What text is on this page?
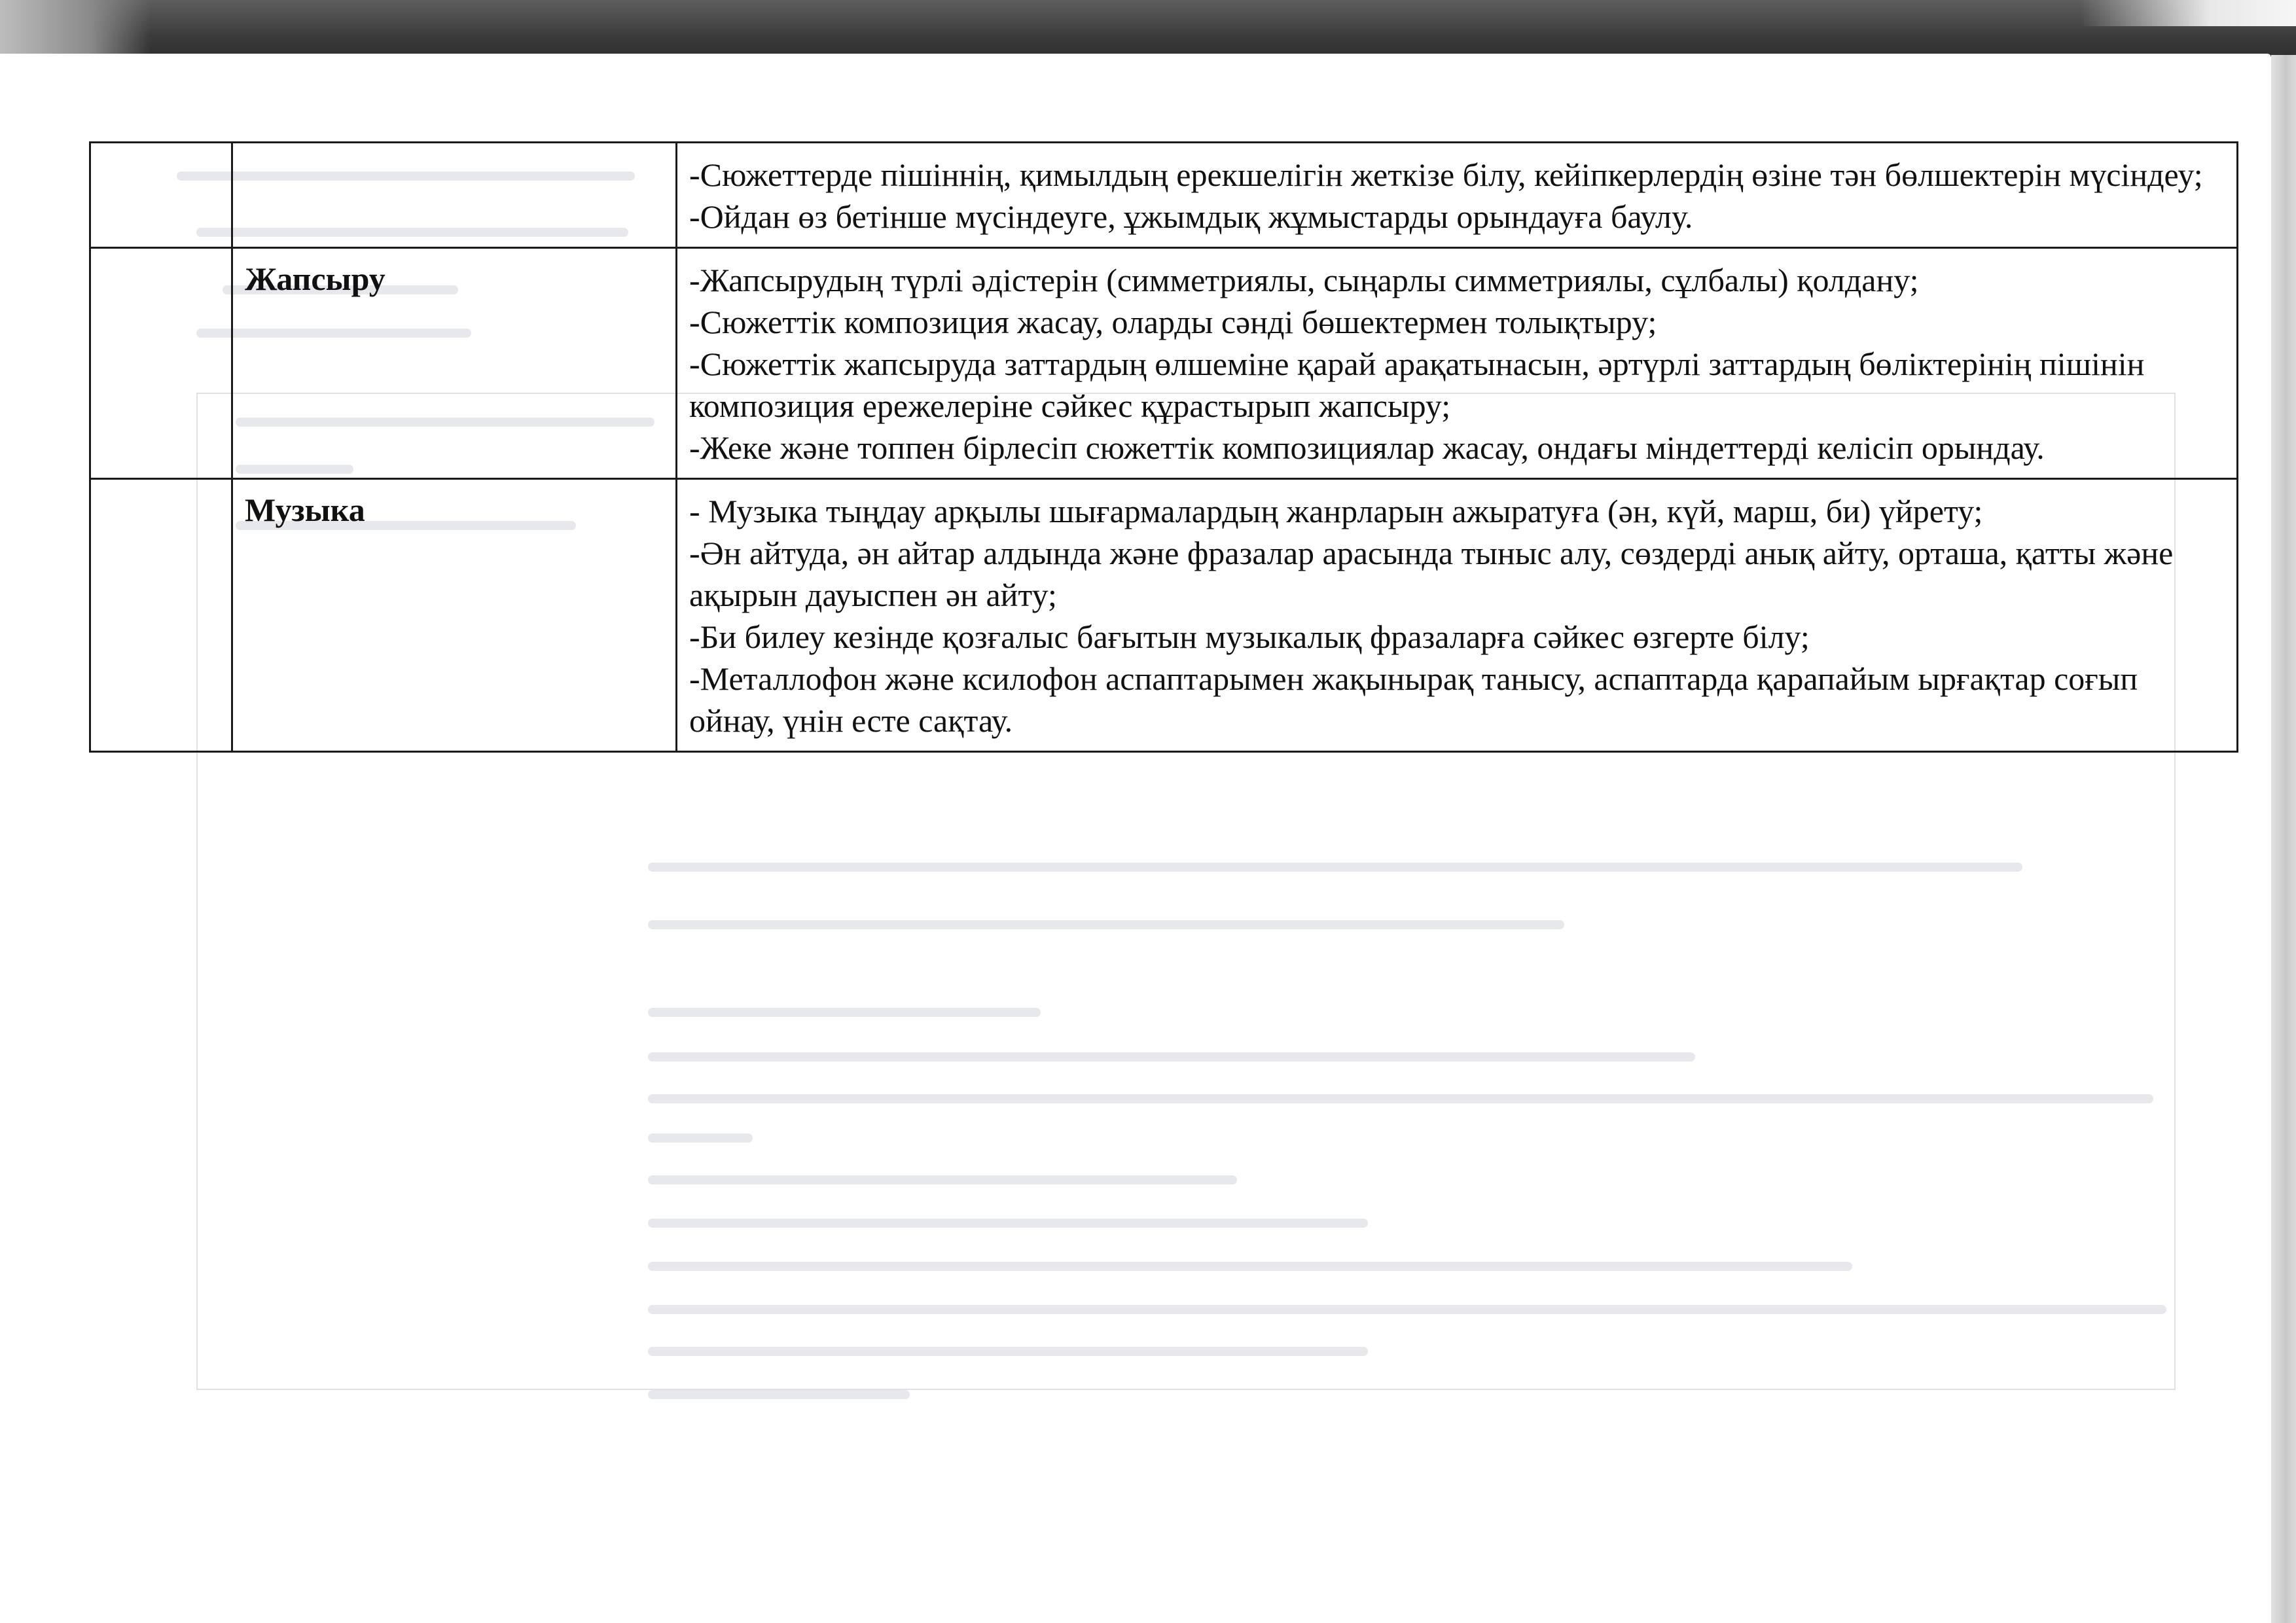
		-Сюжеттерде пішіннің, қимылдың ерекшелігін жеткізе білу, кейіпкерлердің өзіне тән бөлшектерін мүсіндеу;
-Ойдан өз бетінше мүсіндеуге, ұжымдық жұмыстарды орындауға баулу.

	Жапсыру	-Жапсырудың түрлі әдістерін (симметриялы, сыңарлы симметриялы, сұлбалы) қолдану;
-Сюжеттік композиция жасау, оларды сәнді бөшектермен толықтыру;
-Сюжеттік жапсыруда заттардың өлшеміне қарай арақатынасын, әртүрлі заттардың бөліктерінің пішінін композиция ережелеріне сәйкес құрастырып жапсыру;
-Жеке және топпен бірлесіп сюжеттік композициялар жасау, ондағы міндеттерді келісіп орындау.

	Музыка	- Музыка тыңдау арқылы шығармалардың жанрларын ажыратуға (ән, күй, марш, би) үйрету;
-Ән айтуда, ән айтар алдында және фразалар арасында тыныс алу, сөздерді анық айту, орташа, қатты және ақырын дауыспен ән айту;
-Би билеу кезінде қозғалыс бағытын музыкалық фразаларға сәйкес өзгерте білу;
-Металлофон және ксилофон аспаптарымен жақынырақ танысу, аспаптарда қарапайым ырғақтар соғып ойнау, үнін есте сақтау.
